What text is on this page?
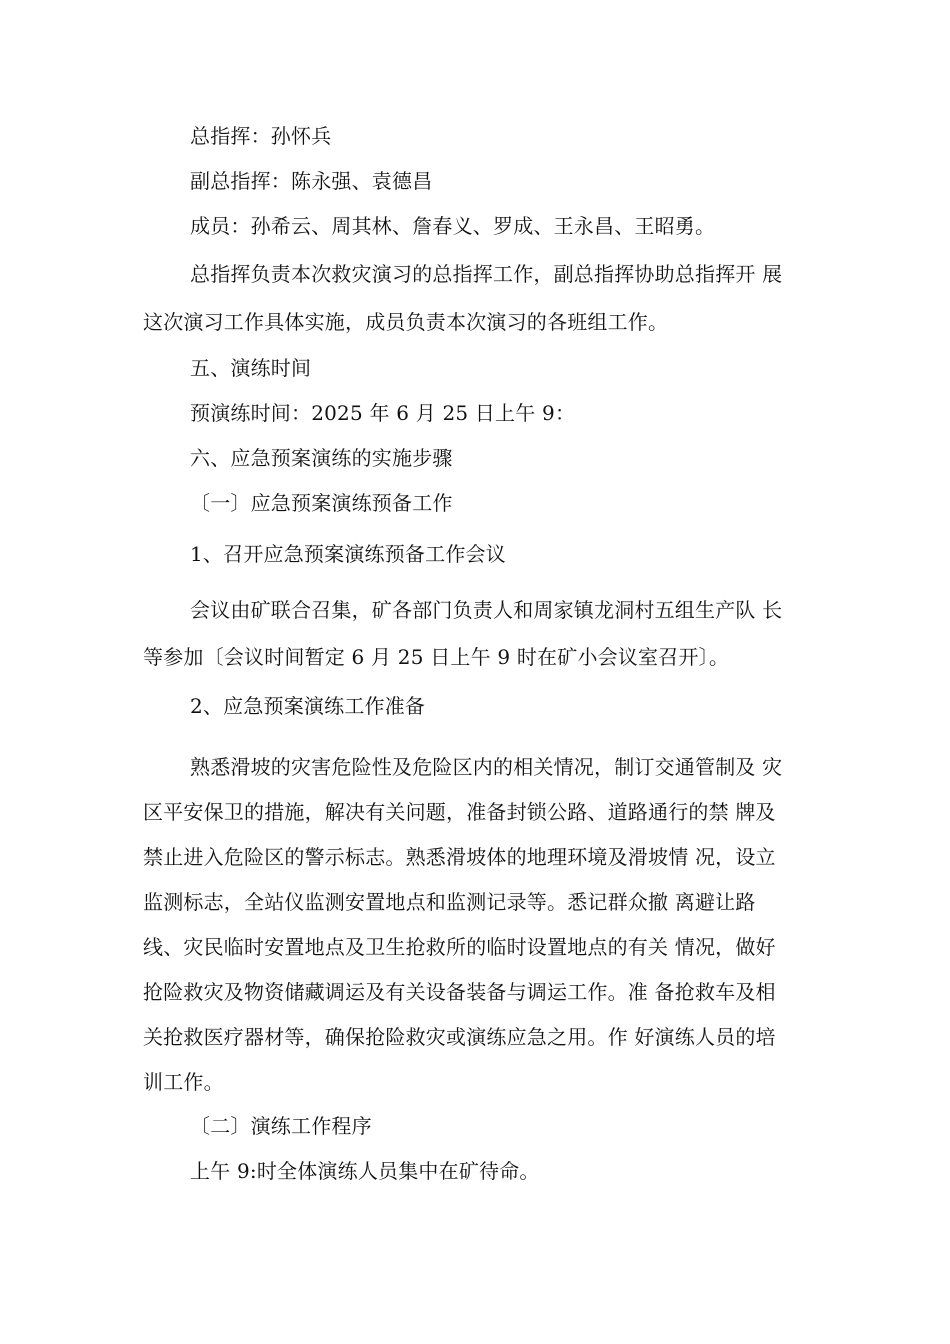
总指挥：孙怀兵
副总指挥：陈永强、袁德昌
成员：孙希云、周其林、詹春义、罗成、王永昌、王昭勇。
总指挥负责本次救灾演习的总指挥工作，副总指挥协助总指挥开 展
这次演习工作具体实施，成员负责本次演习的各班组工作。
五、演练时间
预演练时间：2025 年 6 月 25 日上午 9：
六、应急预案演练的实施步骤
〔一〕应急预案演练预备工作
1、召开应急预案演练预备工作会议
会议由矿联合召集，矿各部门负责人和周家镇龙洞村五组生产队 长
等参加〔会议时间暂定 6 月 25 日上午 9 时在矿小会议室召开〕。
2、应急预案演练工作准备
熟悉滑坡的灾害危险性及危险区内的相关情况，制订交通管制及 灾
区平安保卫的措施，解决有关问题，准备封锁公路、道路通行的禁 牌及
禁止进入危险区的警示标志。熟悉滑坡体的地理环境及滑坡情 况，设立
监测标志，全站仪监测安置地点和监测记录等。悉记群众撤 离避让路
线、灾民临时安置地点及卫生抢救所的临时设置地点的有关 情况，做好
抢险救灾及物资储藏调运及有关设备装备与调运工作。准 备抢救车及相
关抢救医疗器材等，确保抢险救灾或演练应急之用。作 好演练人员的培
训工作。
〔二〕演练工作程序
上午 9:时全体演练人员集中在矿待命。
